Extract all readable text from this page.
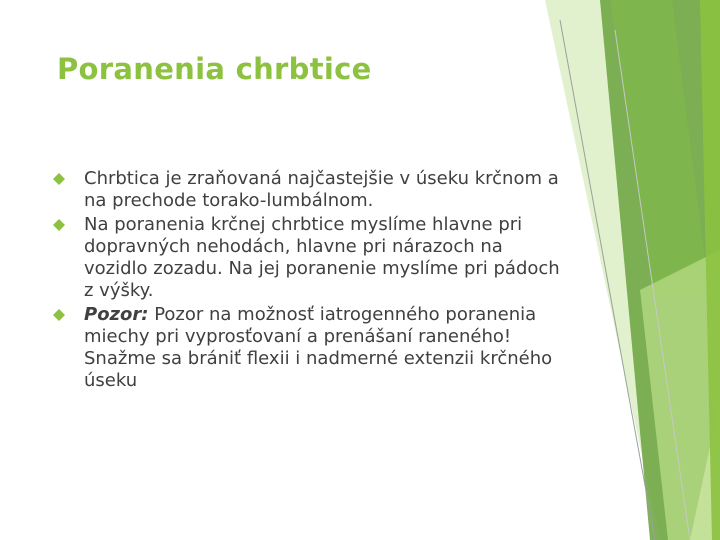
Poranenia chrbtice
Chrbtica je zraňovaná najčastejšie v úseku krčnom a na prechode torako-lumbálnom.
Na poranenia krčnej chrbtice myslíme hlavne pri dopravných nehodách, hlavne pri nárazoch na vozidlo zozadu. Na jej poranenie myslíme pri pádoch z výšky.
Pozor: Pozor na možnosť iatrogenného poranenia miechy pri vyprosťovaní a prenášaní raneného! Snažme sa brániť flexii i nadmerné extenzii krčného úseku
